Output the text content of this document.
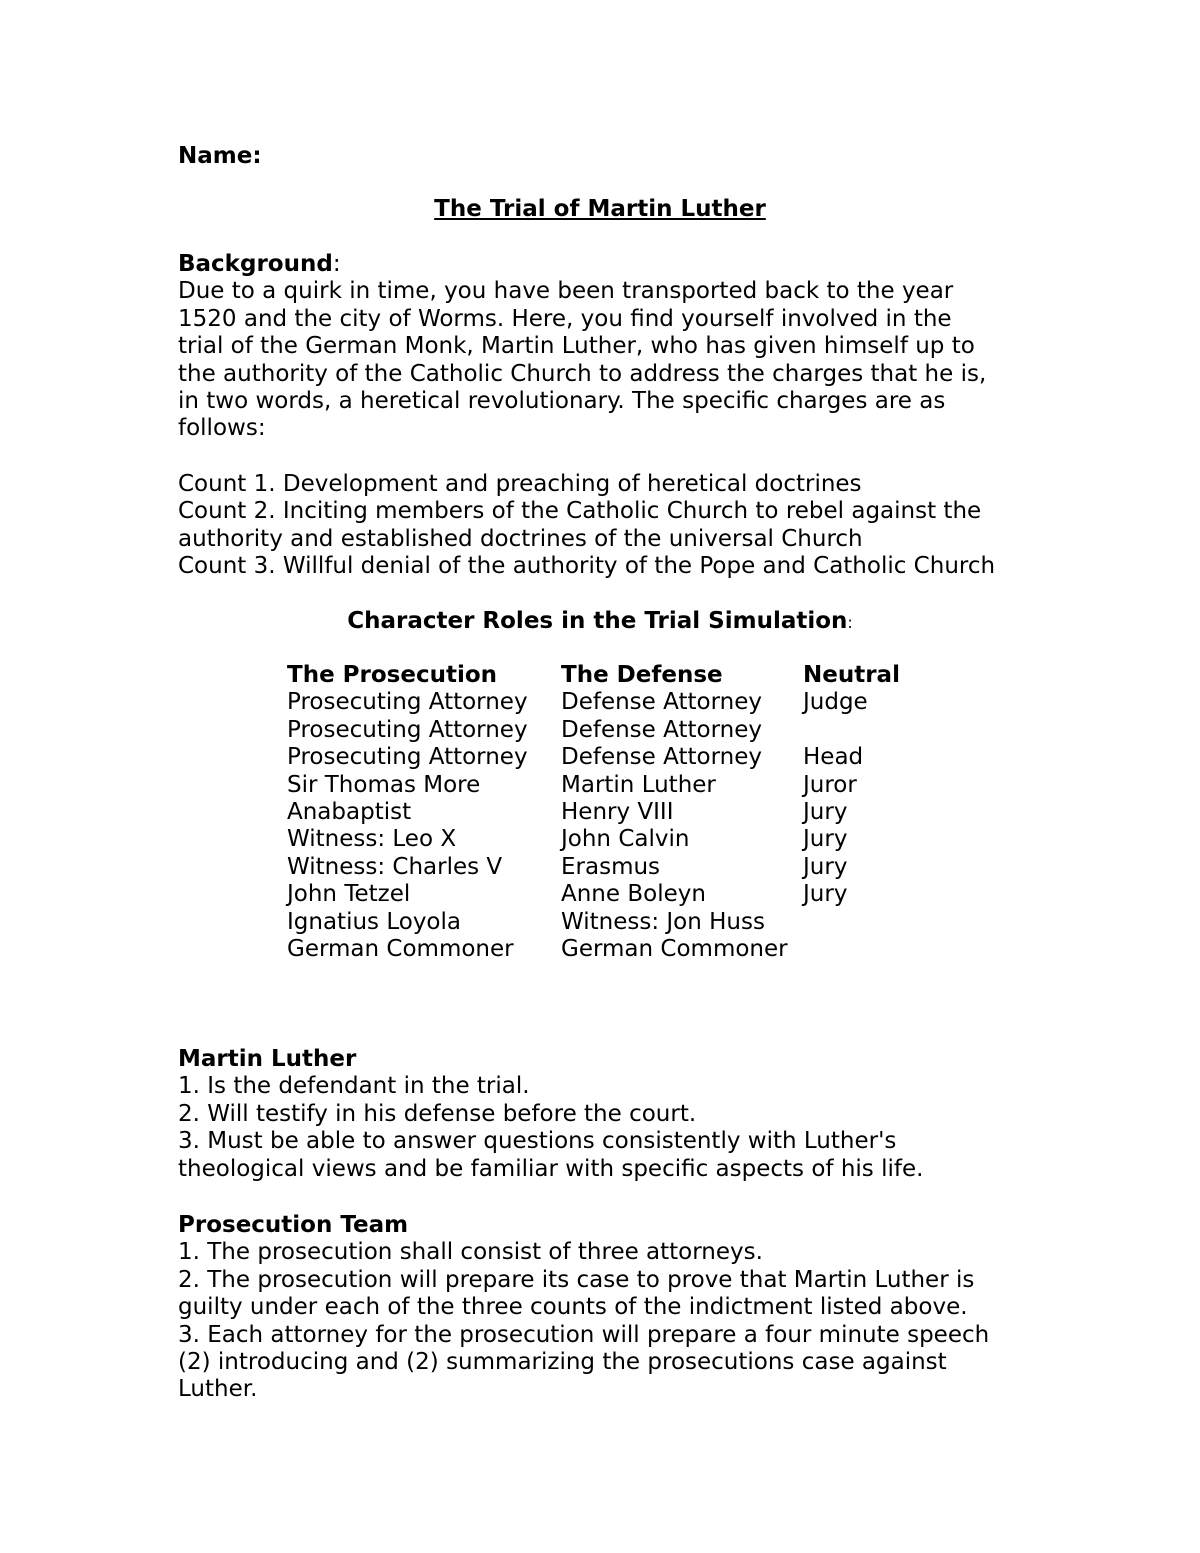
Name:
The Trial of Martin Luther
Background:
Due to a quirk in time, you have been transported back to the year
1520 and the city of Worms. Here, you find yourself involved in the
trial of the German Monk, Martin Luther, who has given himself up to
the authority of the Catholic Church to address the charges that he is,
in two words, a heretical revolutionary. The specific charges are as
follows:
Count 1. Development and preaching of heretical doctrines
Count 2. Inciting members of the Catholic Church to rebel against the
authority and established doctrines of the universal Church
Count 3. Willful denial of the authority of the Pope and Catholic Church
Character Roles in the Trial Simulation:
The Prosecution
Prosecuting Attorney
Prosecuting Attorney
Prosecuting Attorney
Sir Thomas More
Anabaptist
Witness: Leo X
Witness: Charles V
John Tetzel
Ignatius Loyola
German Commoner
The Defense
Defense Attorney
Defense Attorney
Defense Attorney
Martin Luther
Henry VIII
John Calvin
Erasmus
Anne Boleyn
Witness: Jon Huss
German Commoner
Neutral
Judge
Head
Juror
Jury
Jury
Jury
Jury
Martin Luther
1. Is the defendant in the trial.
2. Will testify in his defense before the court.
3. Must be able to answer questions consistently with Luther's
theological views and be familiar with specific aspects of his life.
Prosecution Team
1. The prosecution shall consist of three attorneys.
2. The prosecution will prepare its case to prove that Martin Luther is
guilty under each of the three counts of the indictment listed above.
3. Each attorney for the prosecution will prepare a four minute speech
(2) introducing and (2) summarizing the prosecutions case against
Luther.
